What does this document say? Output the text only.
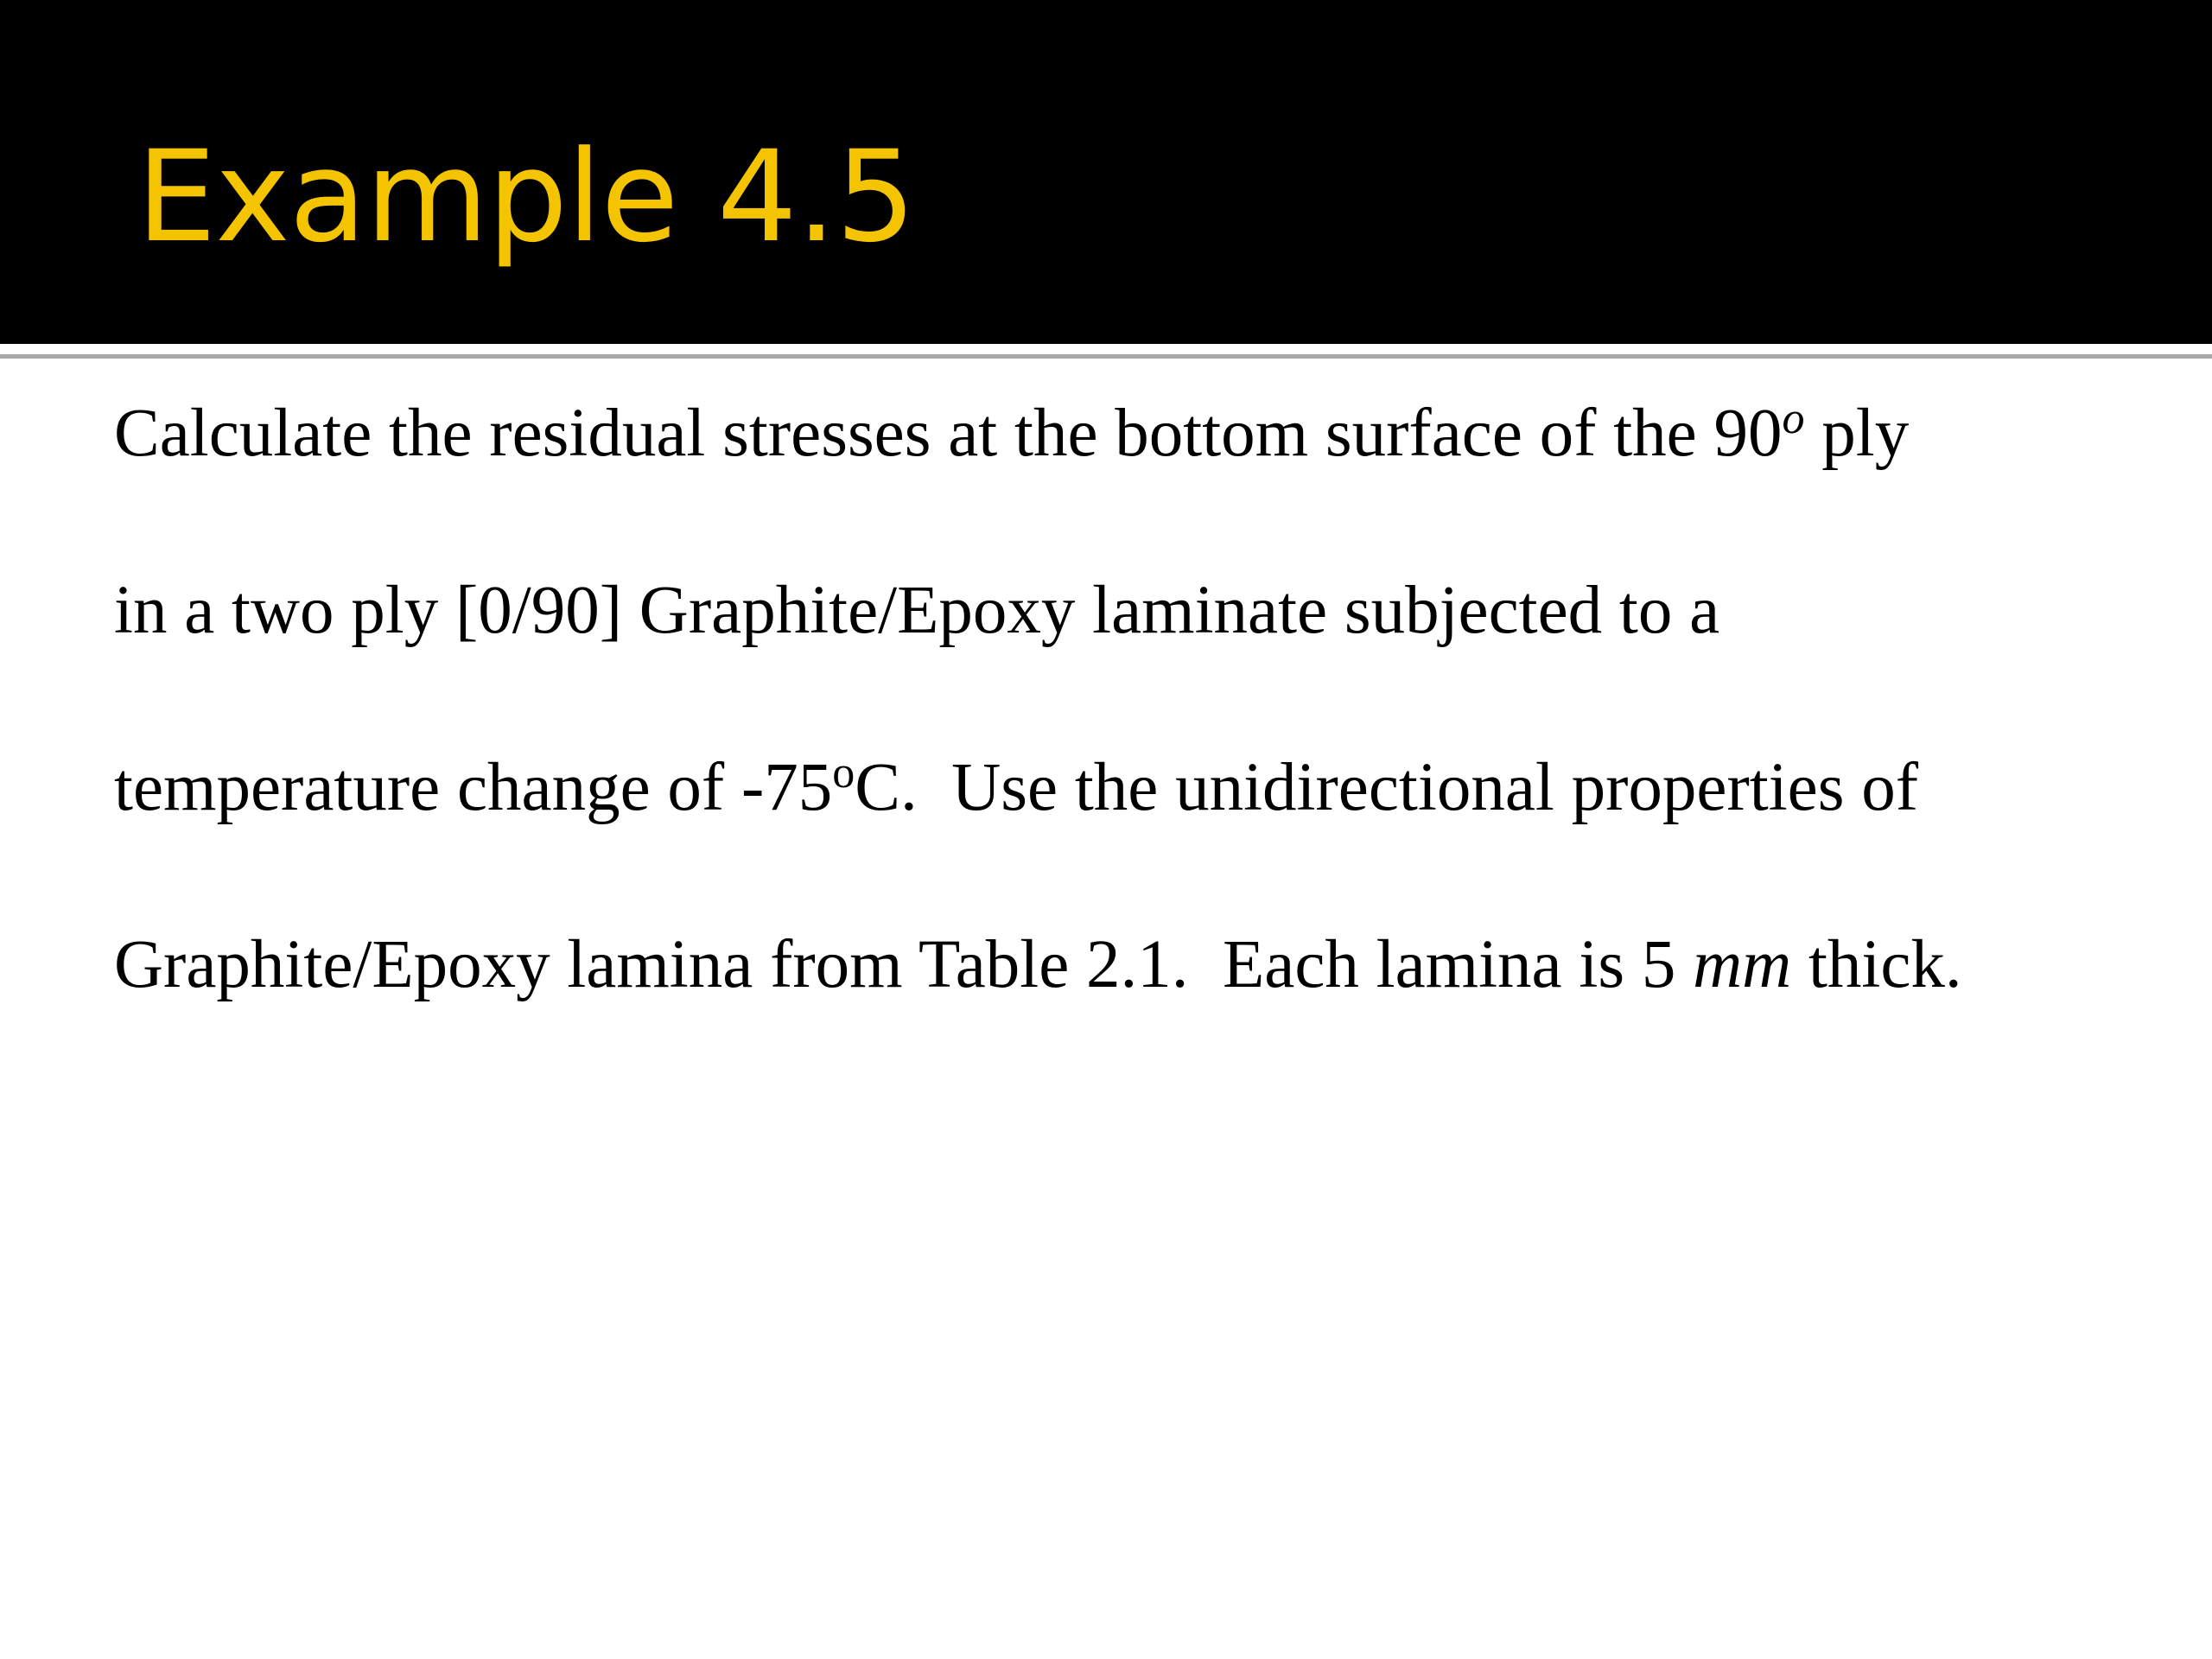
Example 4.5
Calculate the residual stresses at the bottom surface of the 90$^o$ ply
in a two ply [0/90] Graphite/Epoxy laminate subjected to a
temperature change of -75$^o$C.  Use the unidirectional properties of
Graphite/Epoxy lamina from Table 2.1.  Each lamina is 5 mm thick.
